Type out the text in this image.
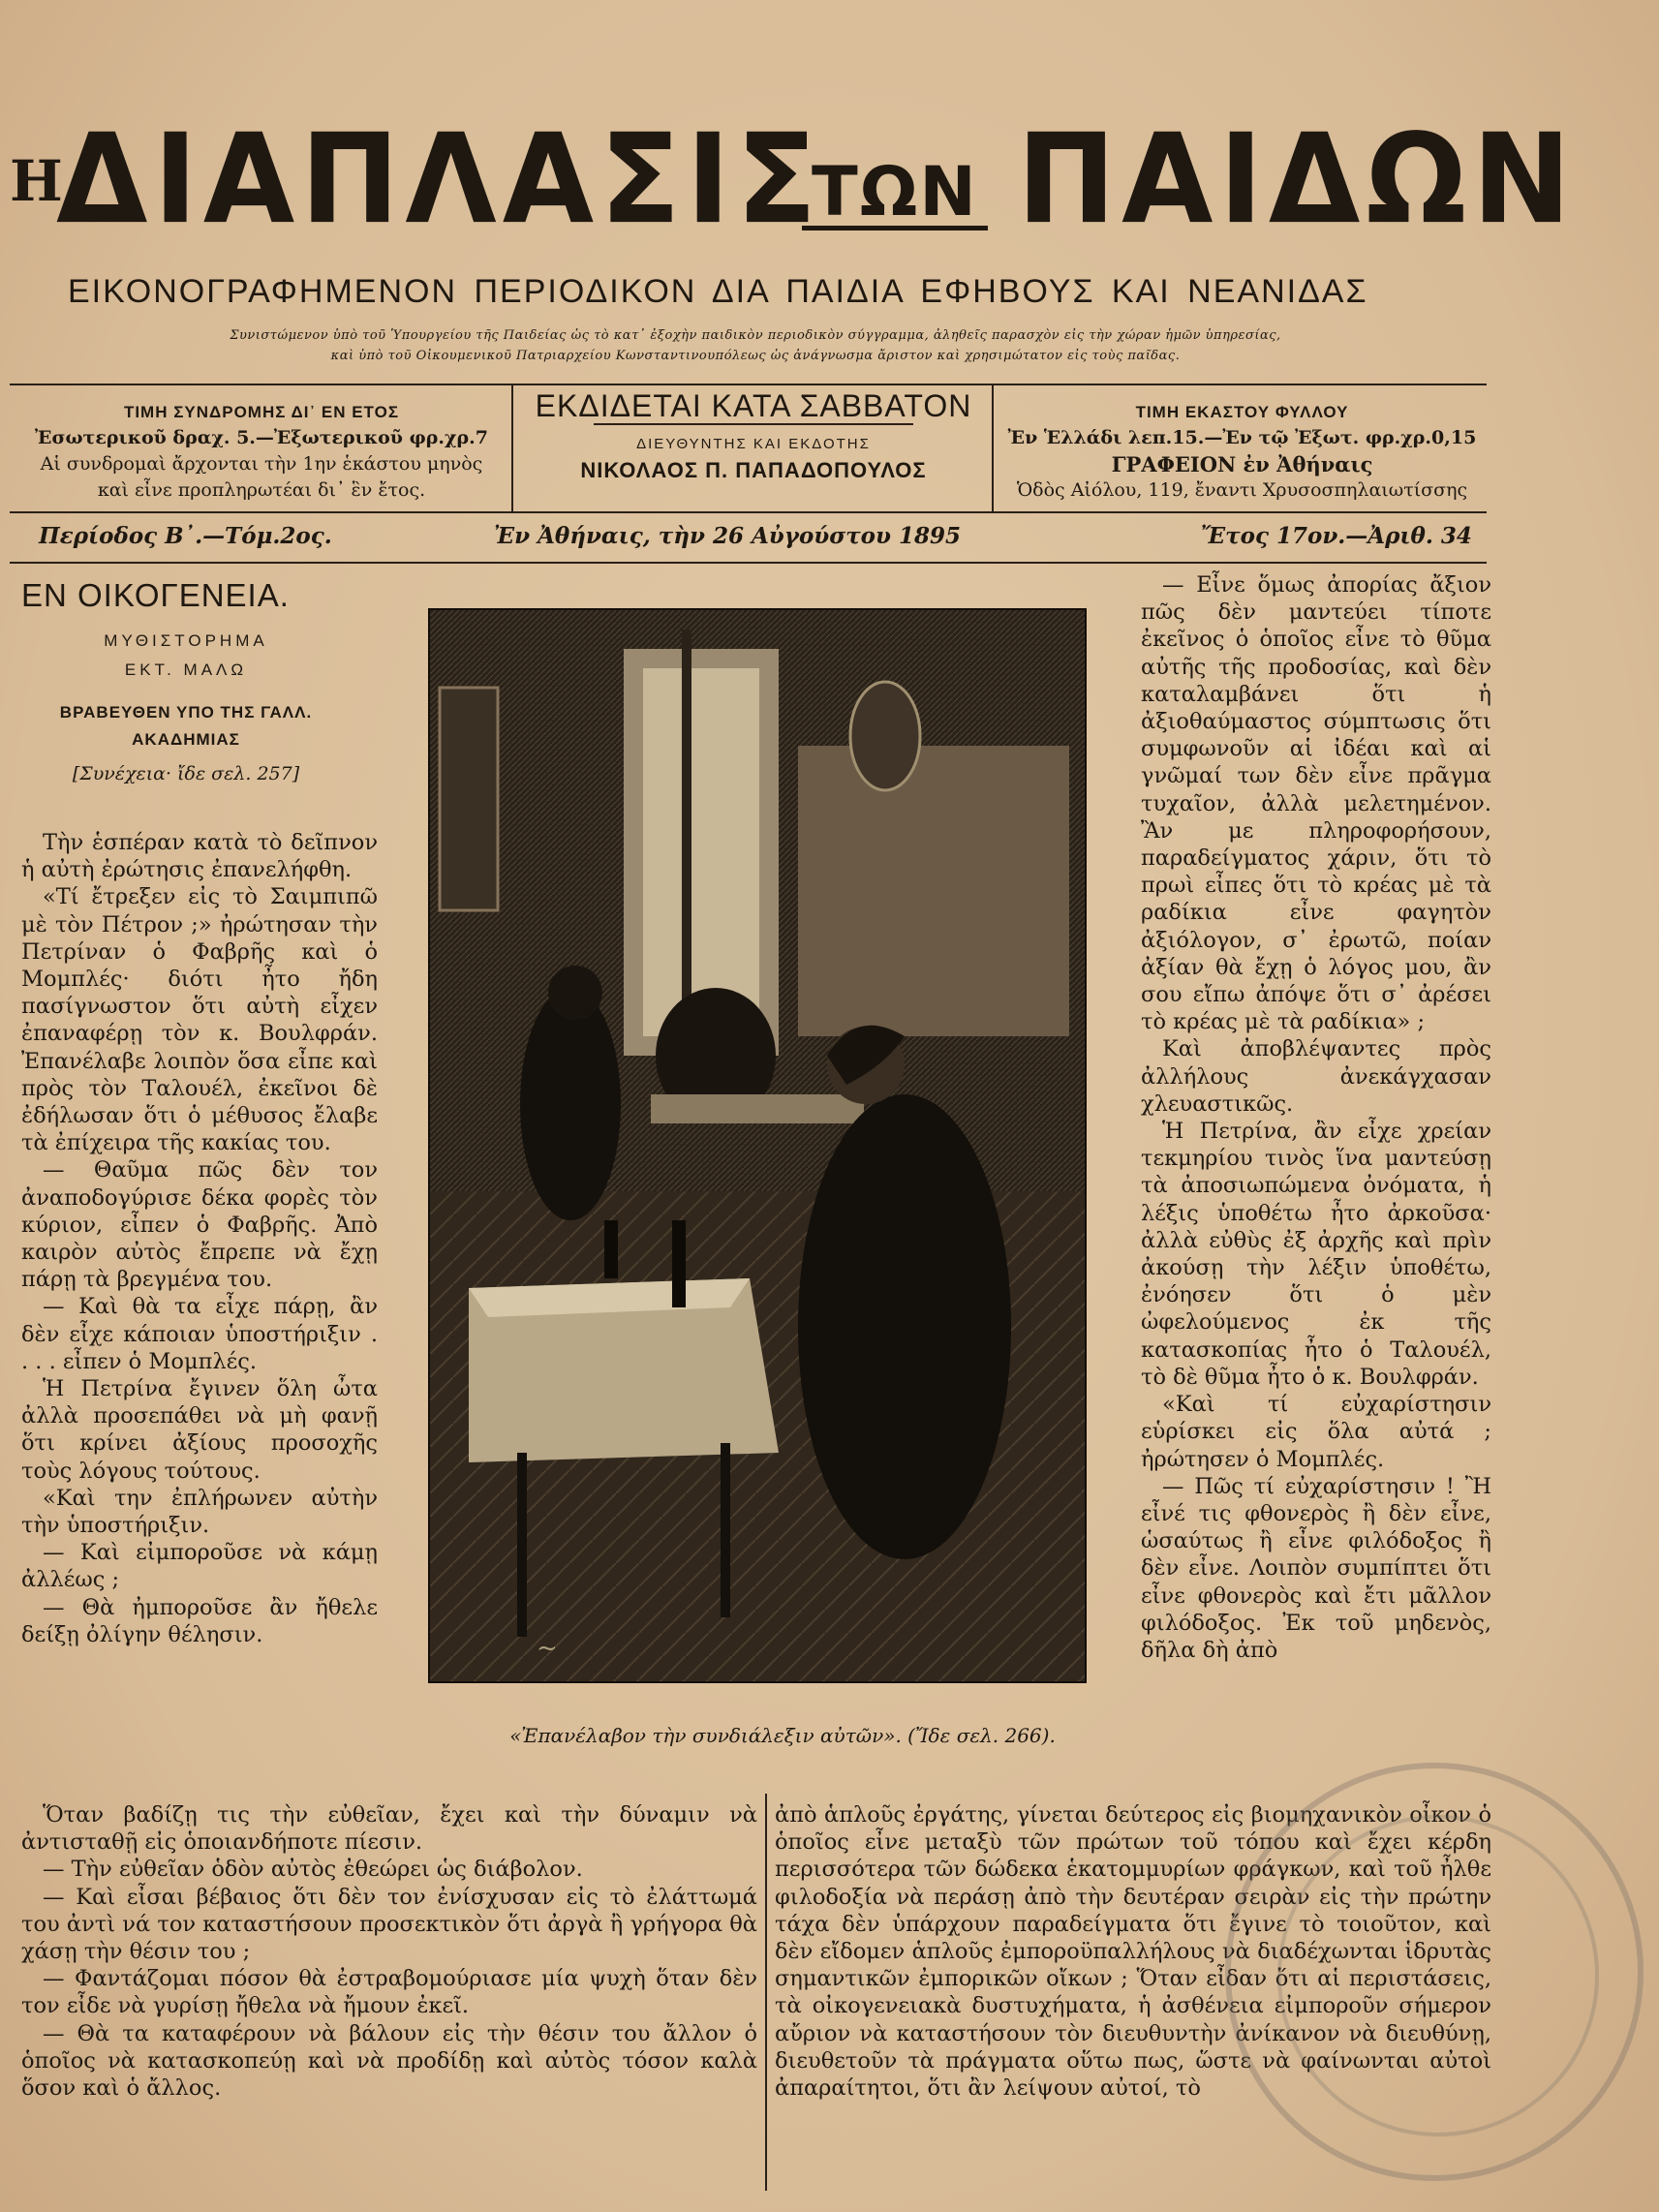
Η
ΔΙΑΠΛΑΣΙΣ
ΤΩΝ ΠΑΙΔΩΝ
ΕΙΚΟΝΟΓΡΑΦΗΜΕΝΟΝ ΠΕΡΙΟΔΙΚΟΝ ΔΙΑ ΠΑΙΔΙΑ ΕΦΗΒΟΥΣ ΚΑΙ ΝΕΑΝΙΔΑΣ
Συνιστώμενον ὑπὸ τοῦ Ὑπουργείου τῆς Παιδείας ὡς τὸ κατ᾽ ἐξοχὴν παιδικὸν περιοδικὸν σύγγραμμα, ἀληθεῖς παρασχὸν εἰς τὴν χώραν ἡμῶν ὑπηρεσίας,
καὶ ὑπὸ τοῦ Οἰκουμενικοῦ Πατριαρχείου Κωνσταντινουπόλεως ὡς ἀνάγνωσμα ἄριστον καὶ χρησιμώτατον εἰς τοὺς παῖδας.
ΤΙΜΗ ΣΥΝΔΡΟΜΗΣ ΔΙ᾽ ΕΝ ΕΤΟΣ
Ἐσωτερικοῦ δραχ. 5.—Ἐξωτερικοῦ φρ.χρ.7
Αἱ συνδρομαὶ ἄρχονται τὴν 1ην ἑκάστου μηνὸς
καὶ εἶνε προπληρωτέαι δι᾽ ἓν ἔτος.
ΕΚΔΙΔΕΤΑΙ ΚΑΤΑ ΣΑΒΒΑΤΟΝ
ΔΙΕΥΘΥΝΤΗΣ ΚΑΙ ΕΚΔΟΤΗΣ
ΝΙΚΟΛΑΟΣ Π. ΠΑΠΑΔΟΠΟΥΛΟΣ
ΤΙΜΗ ΕΚΑΣΤΟΥ ΦΥΛΛΟΥ
Ἐν Ἑλλάδι λεπ.15.—Ἐν τῷ Ἐξωτ. φρ.χρ.0,15
ΓΡΑΦΕΙΟΝ ἐν Ἀθήναις
Ὁδὸς Αἰόλου, 119, ἔναντι Χρυσοσπηλαιωτίσσης
Περίοδος Β᾽.—Τόμ.2ος.	Ἐν Ἀθήναις, τὴν 26 Αὐγούστου 1895	Ἔτος 17ον.—Ἀριθ. 34
ΕΝ ΟΙΚΟΓΕΝΕΙΑ.
ΜΥΘΙΣΤΟΡΗΜΑ
ΕΚΤ. ΜΑΛΩ
ΒΡΑΒΕΥΘΕΝ ΥΠΟ ΤΗΣ ΓΑΛΛ.
ΑΚΑΔΗΜΙΑΣ
[Συνέχεια· ἴδε σελ. 257]

Τὴν ἑσπέραν κατὰ τὸ δεῖπνον ἡ αὐτὴ ἐρώτησις ἐπανελήφθη.

«Τί ἔτρεξεν εἰς τὸ Σαιμπιπῶ μὲ τὸν Πέτρον ;» ἠρώτησαν τὴν Πετρίναν ὁ Φαβρῆς καὶ ὁ Μομπλές· διότι ἦτο ἤδη πασίγνωστον ὅτι αὐτὴ εἶχεν ἐπαναφέρῃ τὸν κ. Βουλφράν. Ἐπανέλαβε λοιπὸν ὅσα εἶπε καὶ πρὸς τὸν Ταλουέλ, ἐκεῖνοι δὲ ἐδήλωσαν ὅτι ὁ μέθυσος ἔλαβε τὰ ἐπίχειρα τῆς κακίας του.

— Θαῦμα πῶς δὲν τον ἀναποδογύρισε δέκα φορὲς τὸν κύριον, εἶπεν ὁ Φαβρῆς. Ἀπὸ καιρὸν αὐτὸς ἔπρεπε νὰ ἔχῃ πάρῃ τὰ βρεγμένα του.

— Καὶ θὰ τα εἶχε πάρῃ, ἂν δὲν εἶχε κάποιαν ὑποστήριξιν . . . . εἶπεν ὁ Μομπλές.

Ἡ Πετρίνα ἔγινεν ὅλη ὦτα ἀλλὰ προσεπάθει νὰ μὴ φανῇ ὅτι κρίνει ἀξίους προσοχῆς τοὺς λόγους τούτους.

«Καὶ την ἐπλήρωνεν αὐτὴν τὴν ὑποστήριξιν.

— Καὶ εἰμποροῦσε νὰ κάμῃ ἀλλέως ;

— Θὰ ἠμποροῦσε ἂν ἤθελε δείξῃ ὀλίγην θέλησιν.	~
«Ἐπανέλαβον τὴν συνδιάλεξιν αὐτῶν». (Ἴδε σελ. 266).

— Εἶνε ὅμως ἀπορίας ἄξιον πῶς δὲν μαντεύει τίποτε ἐκεῖνος ὁ ὁποῖος εἶνε τὸ θῦμα αὐτῆς τῆς προδοσίας, καὶ δὲν καταλαμβάνει ὅτι ἡ ἀξιοθαύμαστος σύμπτωσις ὅτι συμφωνοῦν αἱ ἰδέαι καὶ αἱ γνῶμαί των δὲν εἶνε πρᾶγμα τυχαῖον, ἀλλὰ μελετημένον. Ἂν με πληροφορήσουν, παραδείγματος χάριν, ὅτι τὸ πρωὶ εἶπες ὅτι τὸ κρέας μὲ τὰ ραδίκια εἶνε φαγητὸν ἀξιόλογον, σ᾽ ἐρωτῶ, ποίαν ἀξίαν θὰ ἔχῃ ὁ λόγος μου, ἂν σου εἴπω ἀπόψε ὅτι σ᾽ ἀρέσει τὸ κρέας μὲ τὰ ραδίκια» ;

Καὶ ἀποβλέψαντες πρὸς ἀλλήλους ἀνεκάγχασαν χλευαστικῶς.

Ἡ Πετρίνα, ἂν εἶχε χρείαν τεκμηρίου τινὸς ἵνα μαντεύσῃ τὰ ἀποσιωπώμενα ὀνόματα, ἡ λέξις ὑποθέτω ἦτο ἀρκοῦσα· ἀλλὰ εὐθὺς ἐξ ἀρχῆς καὶ πρὶν ἀκούσῃ τὴν λέξιν ὑποθέτω, ἐνόησεν ὅτι ὁ μὲν ὠφελούμενος ἐκ τῆς κατασκοπίας ἦτο ὁ Ταλουέλ, τὸ δὲ θῦμα ἦτο ὁ κ. Βουλφράν.

«Καὶ τί εὐχαρίστησιν εὑρίσκει εἰς ὅλα αὐτά ; ἠρώτησεν ὁ Μομπλές.

— Πῶς τί εὐχαρίστησιν ! Ἢ εἶνέ τις φθονερὸς ἢ δὲν εἶνε, ὡσαύτως ἢ εἶνε φιλόδοξος ἢ δὲν εἶνε. Λοιπὸν συμπίπτει ὅτι εἶνε φθονερὸς καὶ ἔτι μᾶλλον φιλόδοξος. Ἐκ τοῦ μηδενὸς, δῆλα δὴ ἀπὸ

Ὅταν βαδίζῃ τις τὴν εὐθεῖαν, ἔχει καὶ τὴν δύναμιν νὰ ἀντισταθῇ εἰς ὁποιανδήποτε πίεσιν.

— Τὴν εὐθεῖαν ὁδὸν αὐτὸς ἐθεώρει ὡς διάβολον.

— Καὶ εἶσαι βέβαιος ὅτι δὲν τον ἐνίσχυσαν εἰς τὸ ἐλάττωμά του ἀντὶ νά τον καταστήσουν προσεκτικὸν ὅτι ἀργὰ ἢ γρήγορα θὰ χάσῃ τὴν θέσιν του ;

— Φαντάζομαι πόσον θὰ ἐστραβομούριασε μία ψυχὴ ὅταν δὲν τον εἶδε νὰ γυρίσῃ ἤθελα νὰ ἤμουν ἐκεῖ.

— Θὰ τα καταφέρουν νὰ βάλουν εἰς τὴν θέσιν του ἄλλον ὁ ὁποῖος νὰ κατασκοπεύῃ καὶ νὰ προδίδῃ καὶ αὐτὸς τόσον καλὰ ὅσον καὶ ὁ ἄλλος.

ἀπὸ ἁπλοῦς ἐργάτης, γίνεται δεύτερος εἰς βιομηχανικὸν οἶκον ὁ ὁποῖος εἶνε μεταξὺ τῶν πρώτων τοῦ τόπου καὶ ἔχει κέρδη περισσότερα τῶν δώδεκα ἑκατομμυρίων φράγκων, καὶ τοῦ ἦλθε φιλοδοξία νὰ περάσῃ ἀπὸ τὴν δευτέραν σειρὰν εἰς τὴν πρώτην τάχα δὲν ὑπάρχουν παραδείγματα ὅτι ἔγινε τὸ τοιοῦτον, καὶ δὲν εἴδομεν ἁπλοῦς ἐμποροϋπαλλήλους νὰ διαδέχωνται ἱδρυτὰς σημαντικῶν ἐμπορικῶν οἴκων ; Ὅταν εἶδαν ὅτι αἱ περιστάσεις, τὰ οἰκογενειακὰ δυστυχήματα, ἡ ἀσθένεια εἰμποροῦν σήμερον αὔριον νὰ καταστήσουν τὸν διευθυντὴν ἀνίκανον νὰ διευθύνῃ, διευθετοῦν τὰ πράγματα οὕτω πως, ὥστε νὰ φαίνωνται αὐτοὶ ἀπαραίτητοι, ὅτι ἂν λείψουν αὐτοί, τὸ
